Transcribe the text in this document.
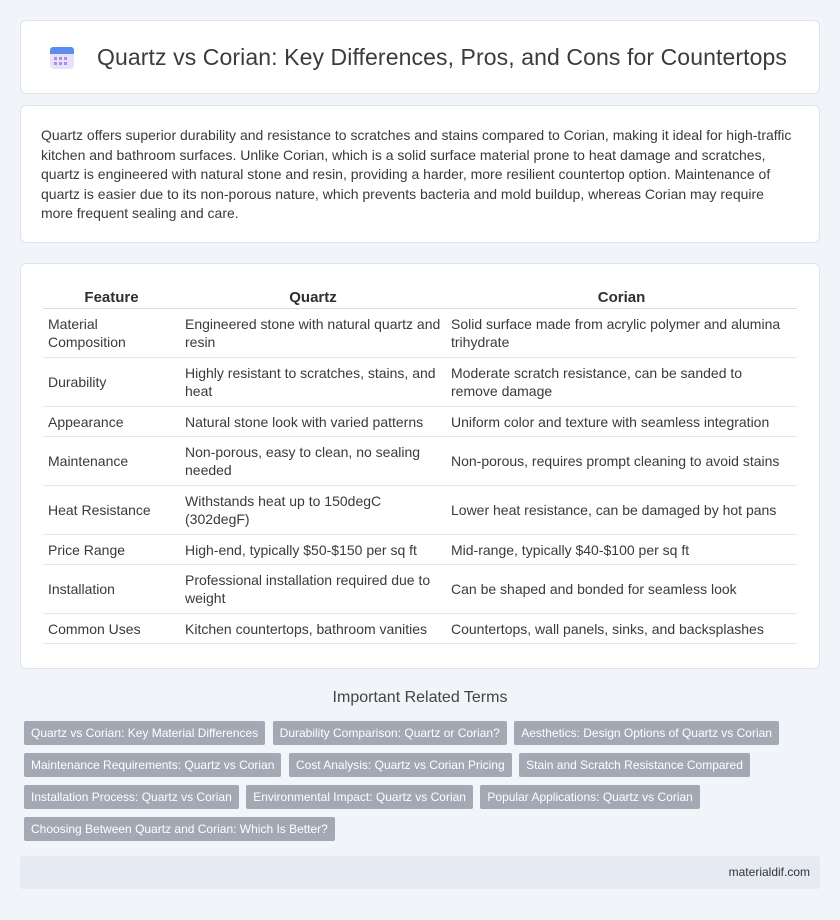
Quartz vs Corian: Key Differences, Pros, and Cons for Countertops

Quartz offers superior durability and resistance to scratches and stains compared to Corian, making it ideal for high-traffic kitchen and bathroom surfaces. Unlike Corian, which is a solid surface material prone to heat damage and scratches, quartz is engineered with natural stone and resin, providing a harder, more resilient countertop option. Maintenance of quartz is easier due to its non-porous nature, which prevents bacteria and mold buildup, whereas Corian may require more frequent sealing and care.

Feature	Quartz	Corian
Material Composition	Engineered stone with natural quartz and resin	Solid surface made from acrylic polymer and alumina trihydrate
Durability	Highly resistant to scratches, stains, and heat	Moderate scratch resistance, can be sanded to remove damage
Appearance	Natural stone look with varied patterns	Uniform color and texture with seamless integration
Maintenance	Non-porous, easy to clean, no sealing needed	Non-porous, requires prompt cleaning to avoid stains
Heat Resistance	Withstands heat up to 150degC (302degF)	Lower heat resistance, can be damaged by hot pans
Price Range	High-end, typically $50-$150 per sq ft	Mid-range, typically $40-$100 per sq ft
Installation	Professional installation required due to weight	Can be shaped and bonded for seamless look
Common Uses	Kitchen countertops, bathroom vanities	Countertops, wall panels, sinks, and backsplashes
Important Related Terms
Quartz vs Corian: Key Material Differences Durability Comparison: Quartz or Corian? Aesthetics: Design Options of Quartz vs Corian Maintenance Requirements: Quartz vs Corian Cost Analysis: Quartz vs Corian Pricing Stain and Scratch Resistance Compared Installation Process: Quartz vs Corian Environmental Impact: Quartz vs Corian Popular Applications: Quartz vs Corian Choosing Between Quartz and Corian: Which Is Better?
materialdif.com
